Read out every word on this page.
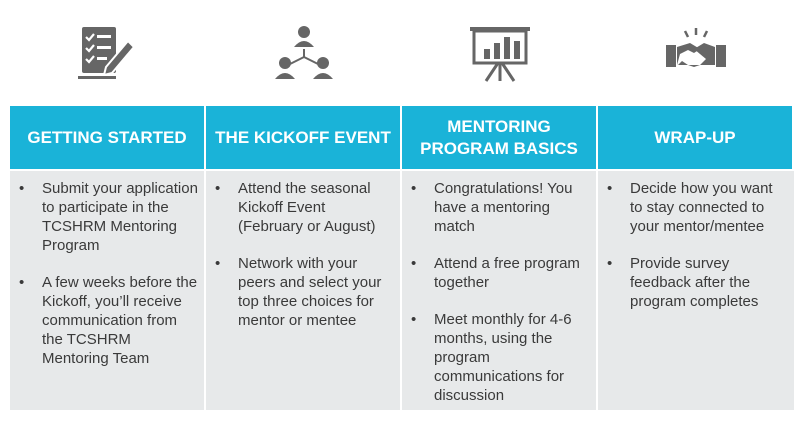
GETTING STARTED	THE KICKOFF EVENT
MENTORING PROGRAM BASICS
WRAP-UP
• Submit your application to participate in the TCSHRM Mentoring Program
• A few weeks before the Kickoff, you’ll receive communication from the TCSHRM Mentoring Team
• Attend the seasonal Kickoff Event (February or August)
• Network with your peers and select your top three choices for mentor or mentee
• Congratulations! You have a mentoring match
• Attend a free program together
• Meet monthly for 4-6 months, using the program communications for discussion
• Decide how you want to stay connected to your mentor/mentee
• Provide survey feedback after the program completes
